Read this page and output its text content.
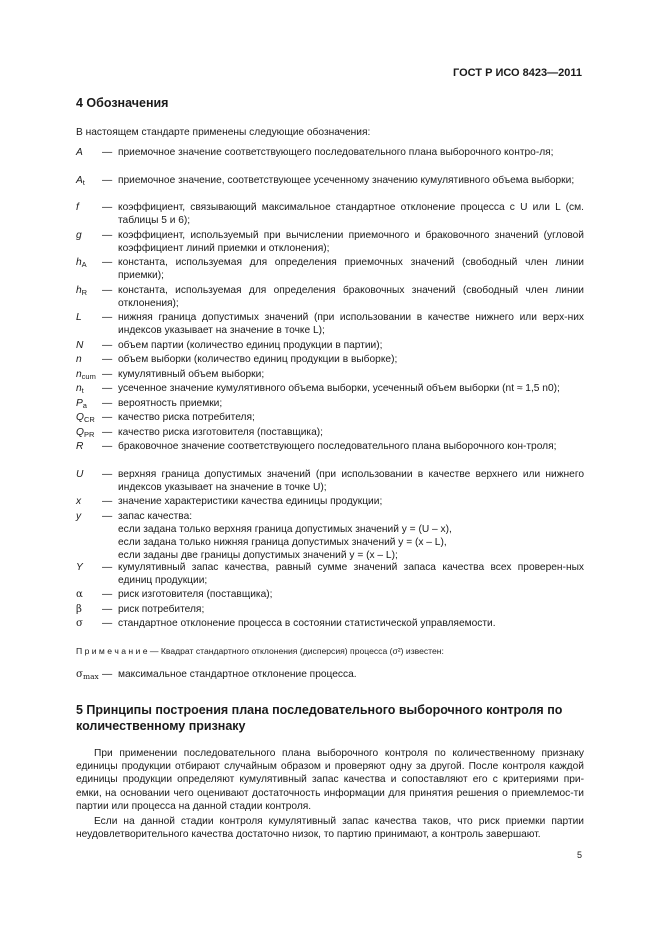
ГОСТ Р ИСО 8423—2011
4 Обозначения
В настоящем стандарте применены следующие обозначения:
A	— приемочное значение соответствующего последовательного плана выборочного контро-ля;
$A_t$	— приемочное значение, соответствующее усеченному значению кумулятивного объема выборки;
f	— коэффициент, связывающий максимальное стандартное отклонение процесса с U или L (см. таблицы 5 и 6);
g	— коэффициент, используемый при вычислении приемочного и браковочного значений (угловой коэффициент линий приемки и отклонения);
$h_A$	— константа, используемая для определения приемочных значений (свободный член линии приемки);
$h_R$	— константа, используемая для определения браковочных значений (свободный член линии отклонения);
L	— нижняя граница допустимых значений (при использовании в качестве нижнего или верх-них индексов указывает на значение в точке L);
N	— объем партии (количество единиц продукции в партии);
n	— объем выборки (количество единиц продукции в выборке);
$n_{cum}$ — кумулятивный объем выборки;
$n_t$	— усеченное значение кумулятивного объема выборки, усеченный объем выборки (nt ≈ 1,5 n0);
$P_a$	— вероятность приемки;
$Q_{CR}$ — качество риска потребителя;
$Q_{PR}$ — качество риска изготовителя (поставщика);
R	— браковочное значение соответствующего последовательного плана выборочного кон-троля;
U	— верхняя граница допустимых значений (при использовании в качестве верхнего или нижнего индексов указывает на значение в точке U);
x	— значение характеристики качества единицы продукции;
y	— запас качества:
если задана только верхняя граница допустимых значений y = (U – x),
если задана только нижняя граница допустимых значений y = (x – L),
если заданы две границы допустимых значений y = (x – L);
Y	— кумулятивный запас качества, равный сумме значений запаса качества всех проверен-ных единиц продукции;
α	— риск изготовителя (поставщика);
β	— риск потребителя;
σ	— стандартное отклонение процесса в состоянии статистической управляемости.
П р и м е ч а н и е — Квадрат стандартного отклонения (дисперсия) процесса (σ²) известен:
$\sigma_{max}$ — максимальное стандартное отклонение процесса.
5 Принципы построения плана последовательного выборочного контроля по количественному признаку

При применении последовательного плана выборочного контроля по количественному признаку единицы продукции отбирают случайным образом и проверяют одну за другой. После контроля каждой единицы продукции определяют кумулятивный запас качества и сопоставляют его с критериями при-емки, на основании чего оценивают достаточность информации для принятия решения о приемлемос-ти партии или процесса на данной стадии контроля.

Если на данной стадии контроля кумулятивный запас качества таков, что риск приемки партии неудовлетворительного качества достаточно низок, то партию принимают, а контроль завершают.

5
